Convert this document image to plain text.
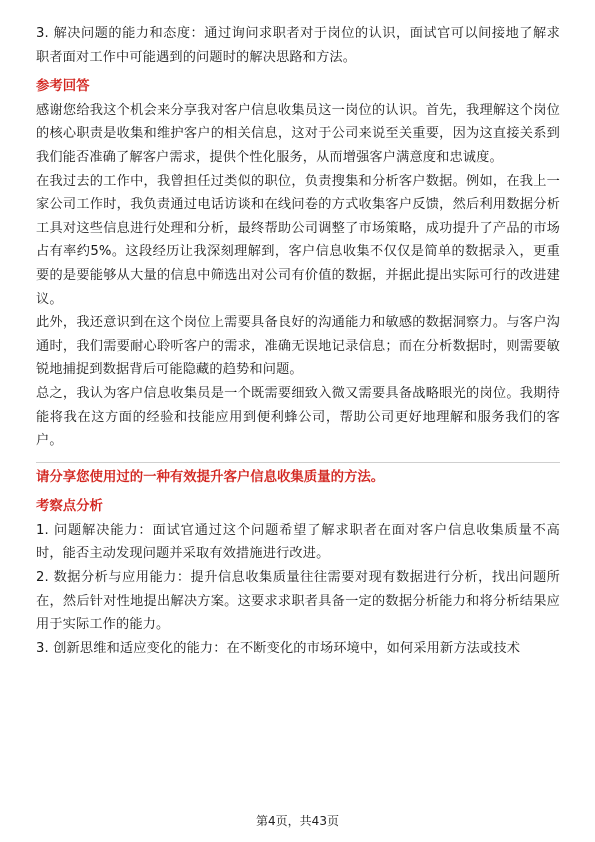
3. 解决问题的能力和态度：通过询问求职者对于岗位的认识，面试官可以间接地了解求职者面对工作中可能遇到的问题时的解决思路和方法。

参考回答

感谢您给我这个机会来分享我对客户信息收集员这一岗位的认识。首先，我理解这个岗位的核心职责是收集和维护客户的相关信息，这对于公司来说至关重要，因为这直接关系到我们能否准确了解客户需求，提供个性化服务，从而增强客户满意度和忠诚度。

在我过去的工作中，我曾担任过类似的职位，负责搜集和分析客户数据。例如，在我上一家公司工作时，我负责通过电话访谈和在线问卷的方式收集客户反馈，然后利用数据分析工具对这些信息进行处理和分析，最终帮助公司调整了市场策略，成功提升了产品的市场占有率约5%。这段经历让我深刻理解到，客户信息收集不仅仅是简单的数据录入，更重要的是要能够从大量的信息中筛选出对公司有价值的数据，并据此提出实际可行的改进建议。

此外，我还意识到在这个岗位上需要具备良好的沟通能力和敏感的数据洞察力。与客户沟通时，我们需要耐心聆听客户的需求，准确无误地记录信息；而在分析数据时，则需要敏锐地捕捉到数据背后可能隐藏的趋势和问题。

总之，我认为客户信息收集员是一个既需要细致入微又需要具备战略眼光的岗位。我期待能将我在这方面的经验和技能应用到便利蜂公司，帮助公司更好地理解和服务我们的客户。

请分享您使用过的一种有效提升客户信息收集质量的方法。

考察点分析

1. 问题解决能力：面试官通过这个问题希望了解求职者在面对客户信息收集质量不高时，能否主动发现问题并采取有效措施进行改进。

2. 数据分析与应用能力：提升信息收集质量往往需要对现有数据进行分析，找出问题所在，然后针对性地提出解决方案。这要求求职者具备一定的数据分析能力和将分析结果应用于实际工作的能力。

3. 创新思维和适应变化的能力：在不断变化的市场环境中，如何采用新方法或技术

第4页，共43页
